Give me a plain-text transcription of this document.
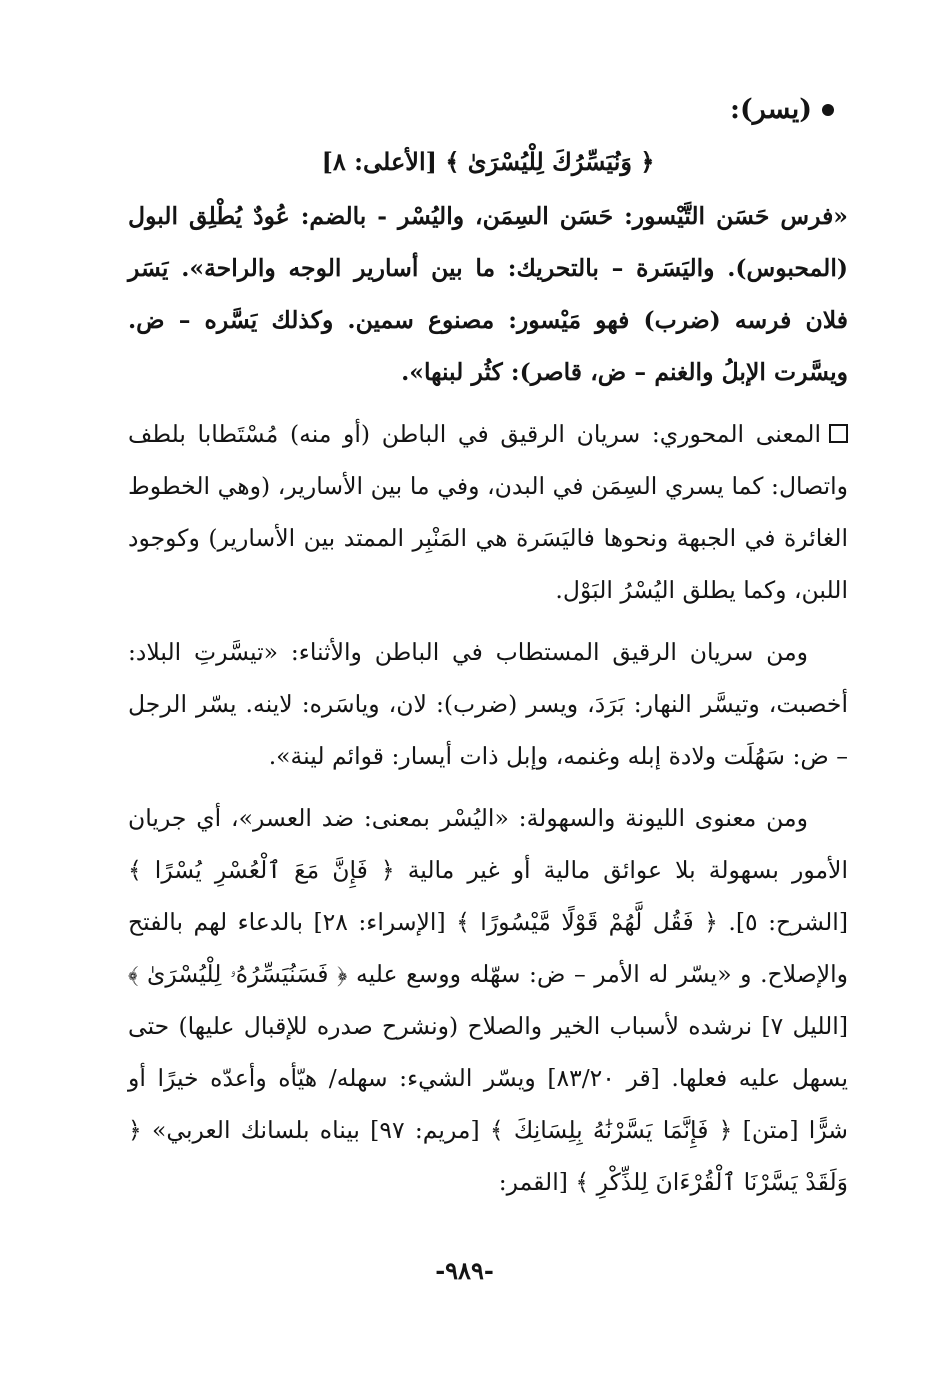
(يسر):
﴿ وَنُيَسِّرُكَ لِلْيُسْرَىٰ ﴾ [الأعلى: ٨]

«فرس حَسَن التَّيْسور: حَسَن السِمَن، واليُسْر - بالضم: عُودٌ يُطْلِق البول (المحبوس). واليَسَرة – بالتحريك: ما بين أسارير الوجه والراحة». يَسَر فلان فرسه (ضرب) فهو مَيْسور: مصنوع سمين. وكذلك يَسَّره – ض. ويسَّرت الإبلُ والغنم – ض، قاصر): كثُر لبنها».

المعنى المحوري: سريان الرقيق في الباطن (أو منه) مُسْتَطابا بلطف واتصال: كما يسري السِمَن في البدن، وفي ما بين الأسارير، (وهي الخطوط الغائرة في الجبهة ونحوها فاليَسَرة هي المَنْبِر الممتد بين الأسارير) وكوجود اللبن، وكما يطلق اليُسْرُ البَوْل.

ومن سريان الرقيق المستطاب في الباطن والأثناء: «تيسَّرتِ البلاد: أخصبت، وتيسَّر النهار: بَرَدَ، ويسر (ضرب): لان، وياسَره: لاينه. يسّر الرجل – ض: سَهُلَت ولادة إبله وغنمه، وإبل ذات أيسار: قوائم لينة».

ومن معنوى الليونة والسهولة: «اليُسْر بمعنى: ضد العسر»، أي جريان الأمور بسهولة بلا عوائق مالية أو غير مالية ﴿ فَإِنَّ مَعَ ٱلْعُسْرِ يُسْرًا ﴾ [الشرح: ٥]. ﴿ فَقُل لَّهُمْ قَوْلًا مَّيْسُورًا ﴾ [الإسراء: ٢٨] بالدعاء لهم بالفتح والإصلاح. و «يسّر له الأمر – ض: سهّله ووسع عليه ﴿ فَسَنُيَسِّرُهُۥ لِلْيُسْرَىٰ ﴾ [الليل ٧] نرشده لأسباب الخير والصلاح (ونشرح صدره للإقبال عليها) حتى يسهل عليه فعلها. [قر ٨٣/٢٠] ويسّر الشيء: سهله/ هيّأه وأعدّه خيرًا أو شرًّا [متن] ﴿ فَإِنَّمَا يَسَّرْنَٰهُ بِلِسَانِكَ ﴾ [مريم: ٩٧] بيناه بلسانك العربي» ﴿ وَلَقَدْ يَسَّرْنَا ٱلْقُرْءَانَ لِلذِّكْرِ ﴾ [القمر:

-٩٨٩-
